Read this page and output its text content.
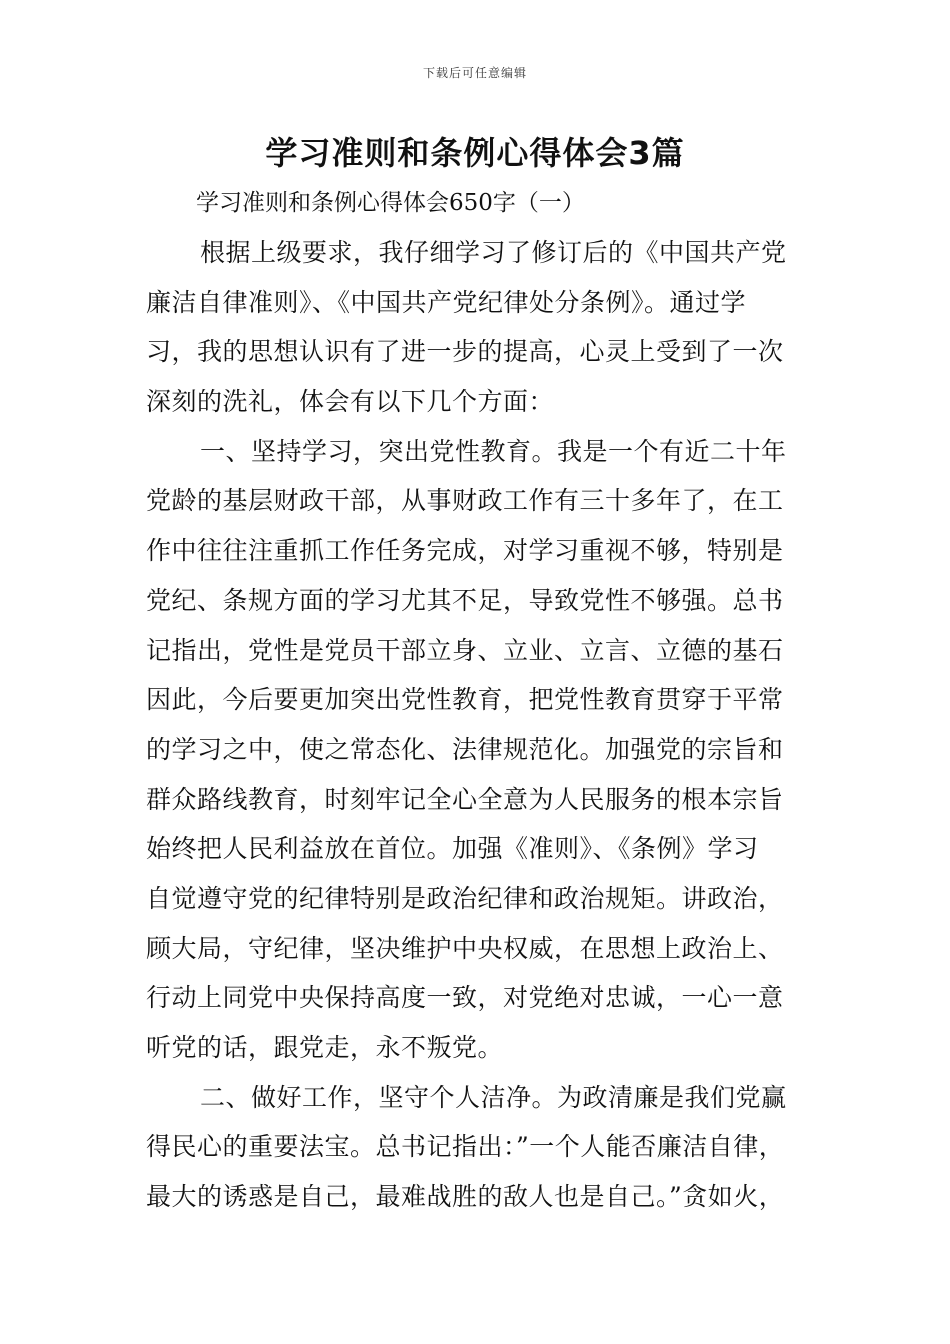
下载后可任意编辑
学习准则和条例心得体会3篇
学习准则和条例心得体会650字（一）
根据上级要求，我仔细学习了修订后的《中国共产党
廉洁自律准则》、《中国共产党纪律处分条例》。通过学
习，我的思想认识有了进一步的提高，心灵上受到了一次
深刻的洗礼，体会有以下几个方面：
一、坚持学习，突出党性教育。我是一个有近二十年
党龄的基层财政干部，从事财政工作有三十多年了，在工
作中往往注重抓工作任务完成，对学习重视不够，特别是
党纪、条规方面的学习尤其不足，导致党性不够强。总书
记指出，党性是党员干部立身、立业、立言、立德的基石
因此，今后要更加突出党性教育，把党性教育贯穿于平常
的学习之中，使之常态化、法律规范化。加强党的宗旨和
群众路线教育，时刻牢记全心全意为人民服务的根本宗旨
始终把人民利益放在首位。加强《准则》、《条例》学习
自觉遵守党的纪律特别是政治纪律和政治规矩。讲政治，
顾大局，守纪律，坚决维护中央权威，在思想上政治上、
行动上同党中央保持高度一致，对党绝对忠诚，一心一意
听党的话，跟党走，永不叛党。
二、做好工作，坚守个人洁净。为政清廉是我们党赢
得民心的重要法宝。总书记指出：”一个人能否廉洁自律，
最大的诱惑是自己，最难战胜的敌人也是自己。”贪如火，
